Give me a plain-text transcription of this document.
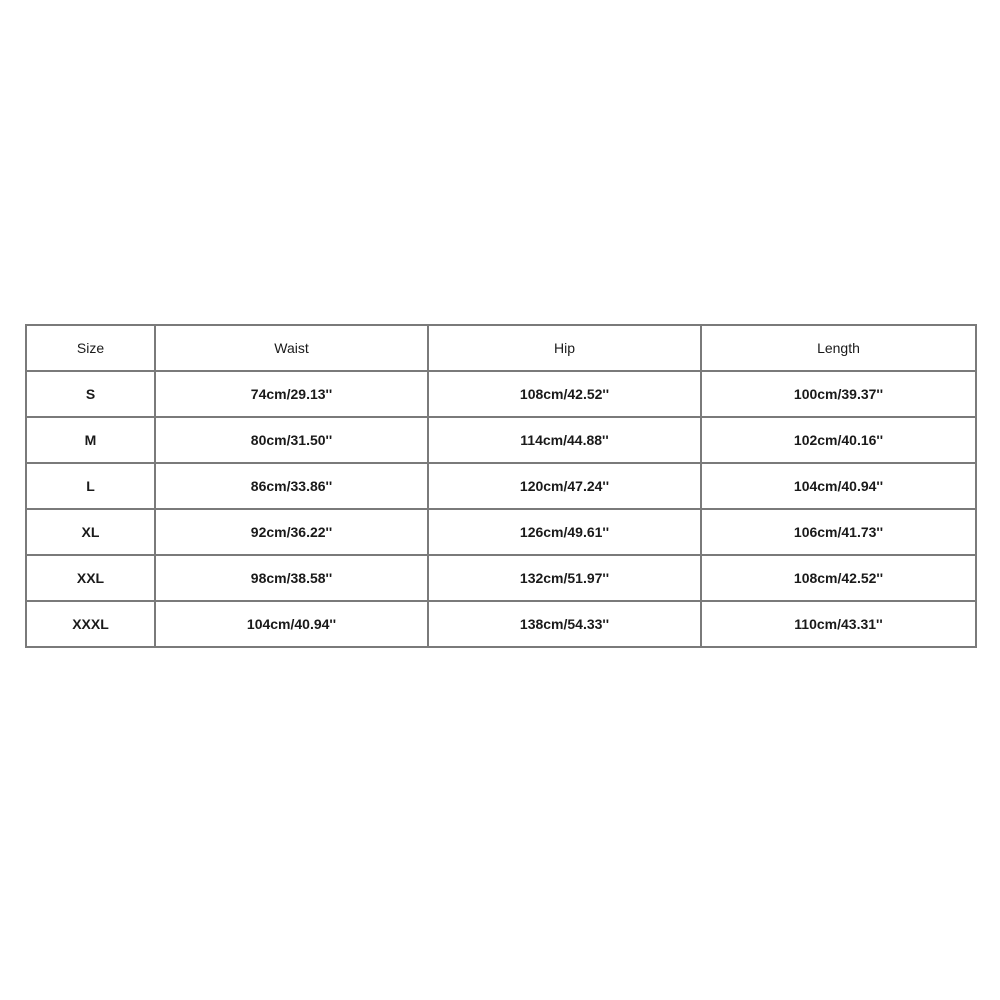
Size	Waist	Hip	Length
S	74cm/29.13''	108cm/42.52''	100cm/39.37''
M	80cm/31.50''	114cm/44.88''	102cm/40.16''
L	86cm/33.86''	120cm/47.24''	104cm/40.94''
XL	92cm/36.22''	126cm/49.61''	106cm/41.73''
XXL	98cm/38.58''	132cm/51.97''	108cm/42.52''
XXXL	104cm/40.94''	138cm/54.33''	110cm/43.31''
